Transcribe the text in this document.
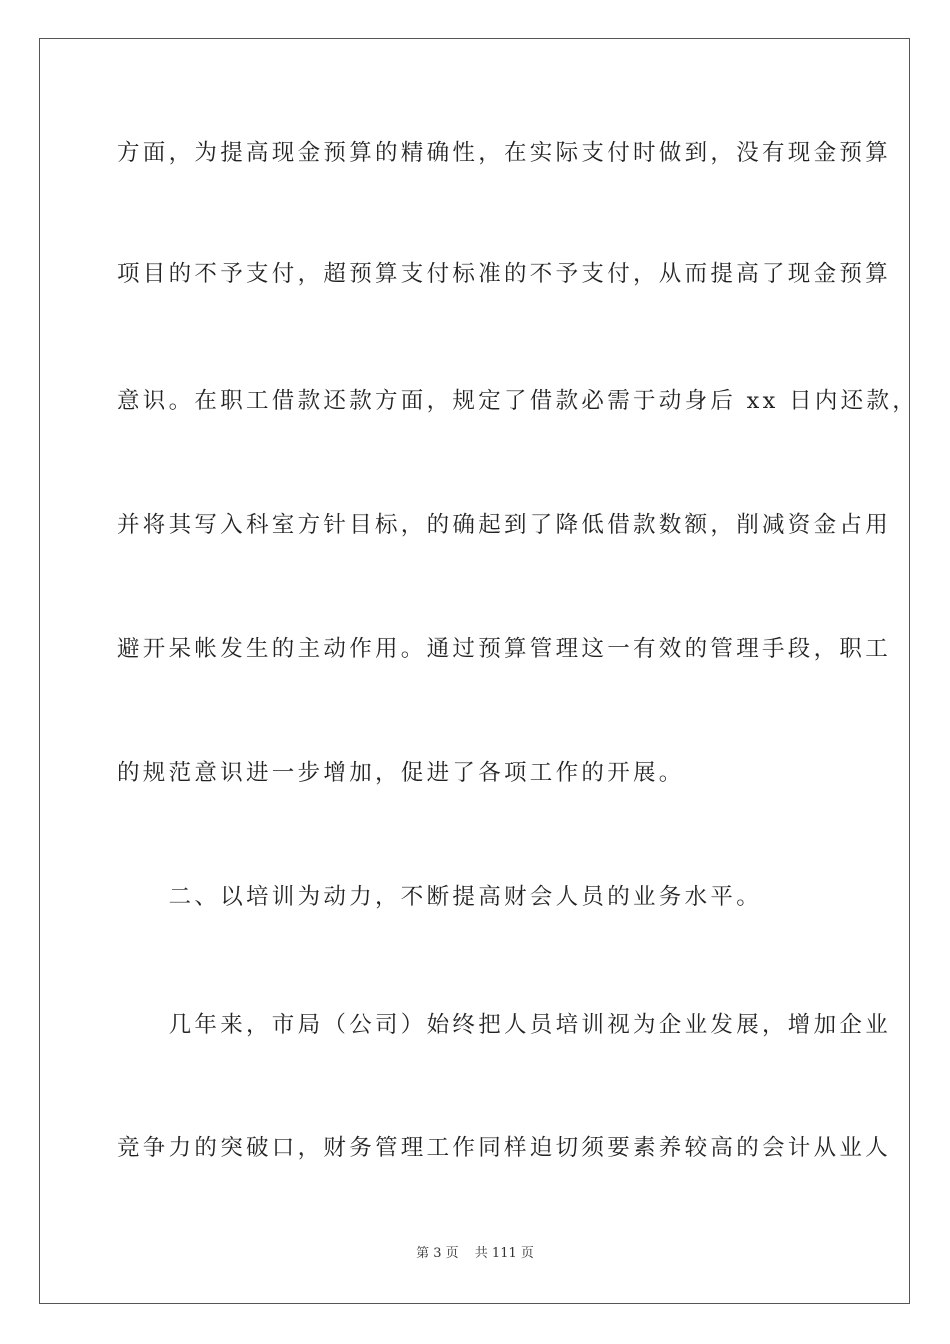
方面，为提高现金预算的精确性，在实际支付时做到，没有现金预算
项目的不予支付，超预算支付标准的不予支付，从而提高了现金预算
意识。在职工借款还款方面，规定了借款必需于动身后 xx 日内还款，
并将其写入科室方针目标，的确起到了降低借款数额，削减资金占用
避开呆帐发生的主动作用。通过预算管理这一有效的管理手段，职工
的规范意识进一步增加，促进了各项工作的开展。
　　二、以培训为动力，不断提高财会人员的业务水平。
　　几年来，市局（公司）始终把人员培训视为企业发展，增加企业
竞争力的突破口，财务管理工作同样迫切须要素养较高的会计从业人
第 3 页 共 111 页
